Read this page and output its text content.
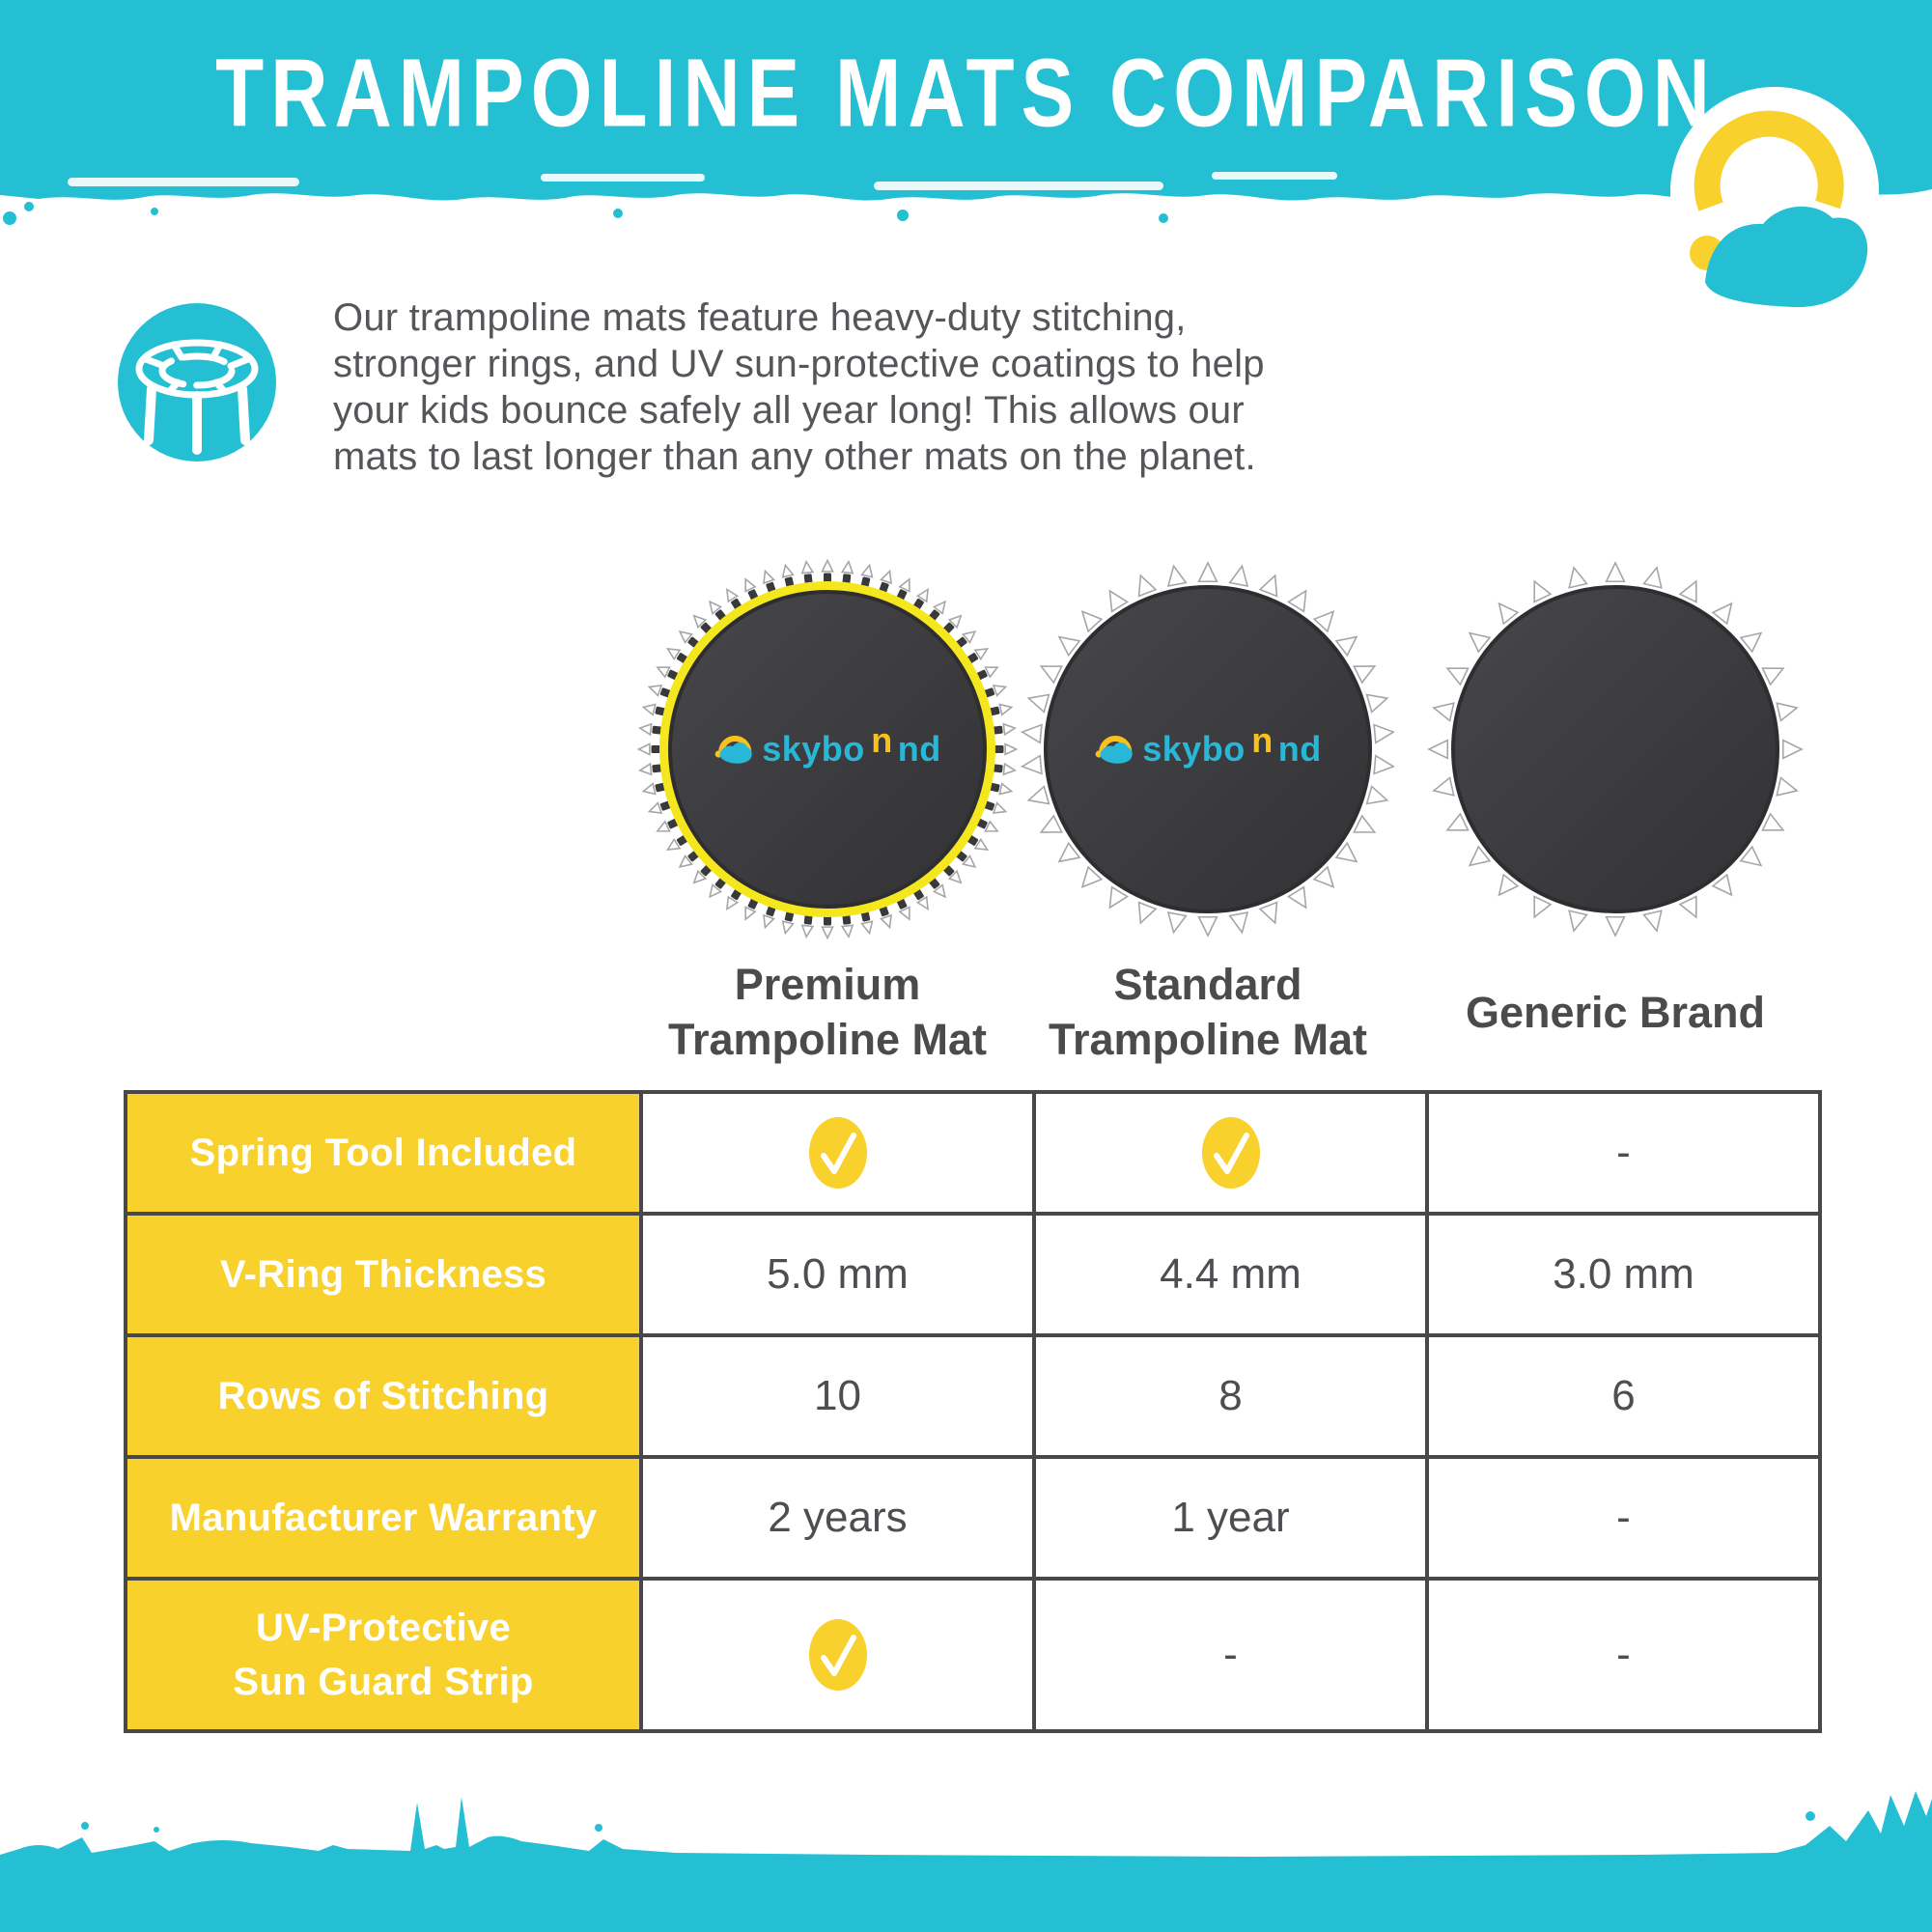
TRAMPOLINE MATS COMPARISON

Our trampoline mats feature heavy-duty stitching,
stronger rings, and UV sun-protective coatings to help
your kids bounce safely all year long! This allows our
mats to last longer than any other mats on the planet.

skybo u nd
Premium
Trampoline Mat
skybo u nd
Standard
Trampoline Mat
Generic Brand
Spring Tool Included			-
V-Ring Thickness	5.0 mm	4.4 mm	3.0 mm
Rows of Stitching	10	8	6
Manufacturer Warranty	2 years	1 year	-
UV-Protective
Sun Guard Strip		-	-
